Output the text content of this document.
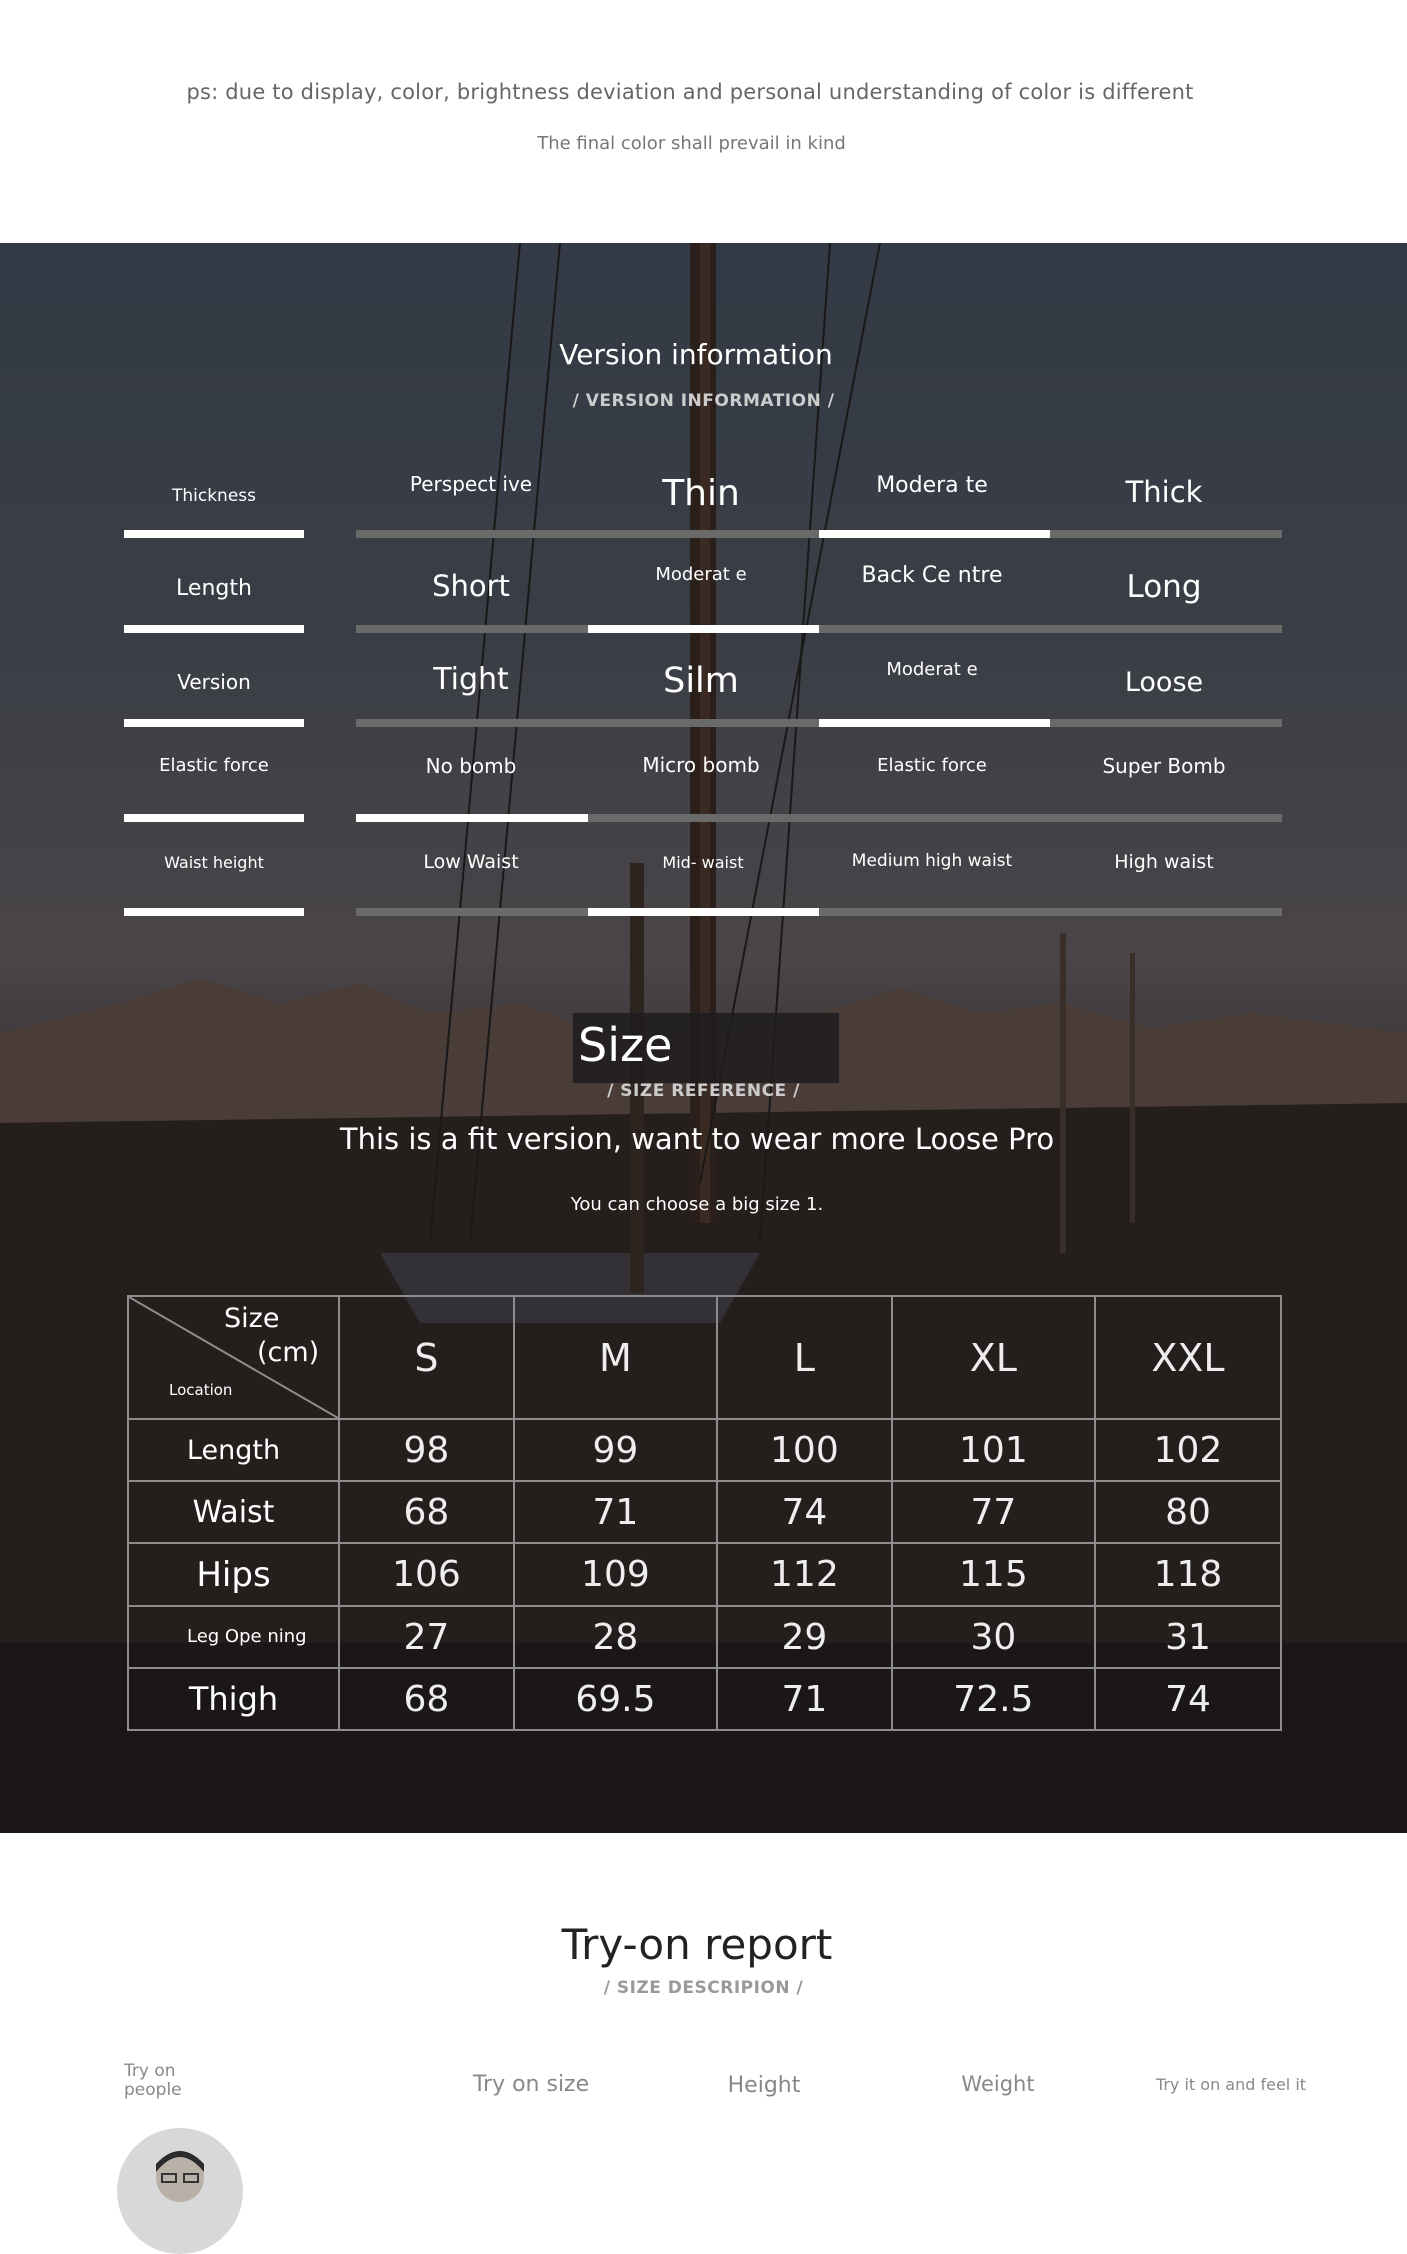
ps: due to display, color, brightness deviation and personal understanding of color is different
The final color shall prevail in kind
Version information
/ VERSION INFORMATION /
Thickness	Perspect ive	Thin	Modera te	Thick
Length	Short	Moderat e	Back Ce ntre	Long
Version	Tight	Silm	Moderat e	Loose
Elastic force	No bomb	Micro bomb	Elastic force	Super Bomb
Waist height	Low Waist	Mid- waist	Medium high waist	High waist
Size
/ SIZE REFERENCE /
This is a fit version, want to wear more Loose Pro
You can choose a big size 1.
Size
(cm)
Location	S	M	L	XL	XXL
Length	98	99	100	101	102
Waist	68	71	74	77	80
Hips	106	109	112	115	118
Leg Ope ning	27	28	29	30	31
Thigh	68	69.5	71	72.5	74
Try-on report
/ SIZE DESCRIPION /
Try on people	Try on size	Height	Weight	Try it on and feel it
